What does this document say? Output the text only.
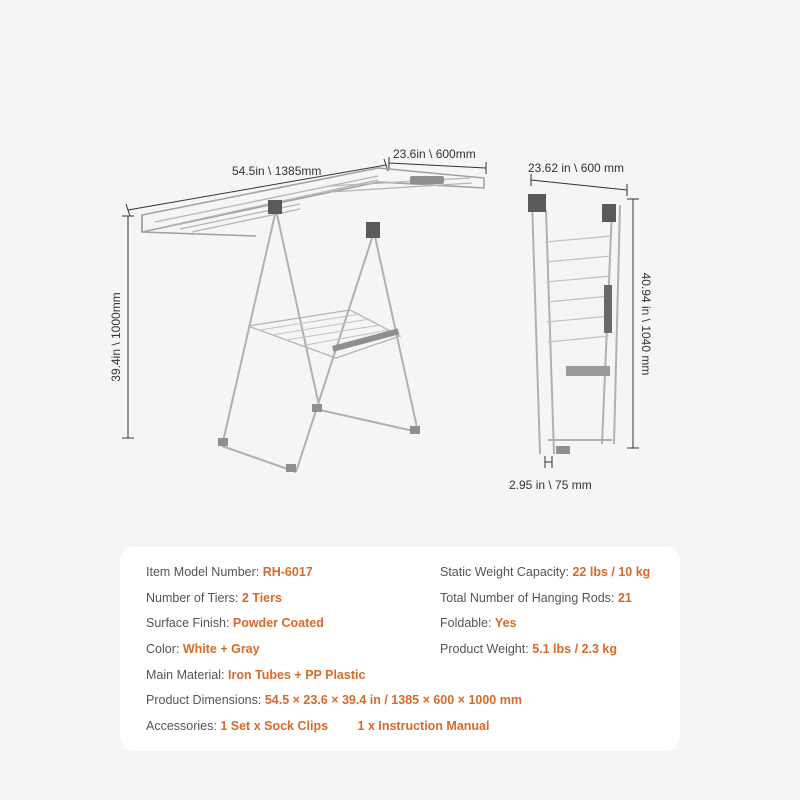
54.5in \ 1385mm
23.6in \ 600mm
39.4in \ 1000mm
23.62 in \ 600 mm
40.94 in \ 1040 mm
2.95 in \ 75 mm
Item Model Number: RH-6017
Number of Tiers: 2 Tiers
Surface Finish: Powder Coated
Color: White + Gray
Main Material: Iron Tubes + PP Plastic
Product Dimensions: 54.5 × 23.6 × 39.4 in / 1385 × 600 × 1000 mm
Accessories: 1 Set x Sock Clips 1 x Instruction Manual
Static Weight Capacity: 22 lbs / 10 kg
Total Number of Hanging Rods: 21
Foldable: Yes
Product Weight: 5.1 lbs / 2.3 kg
